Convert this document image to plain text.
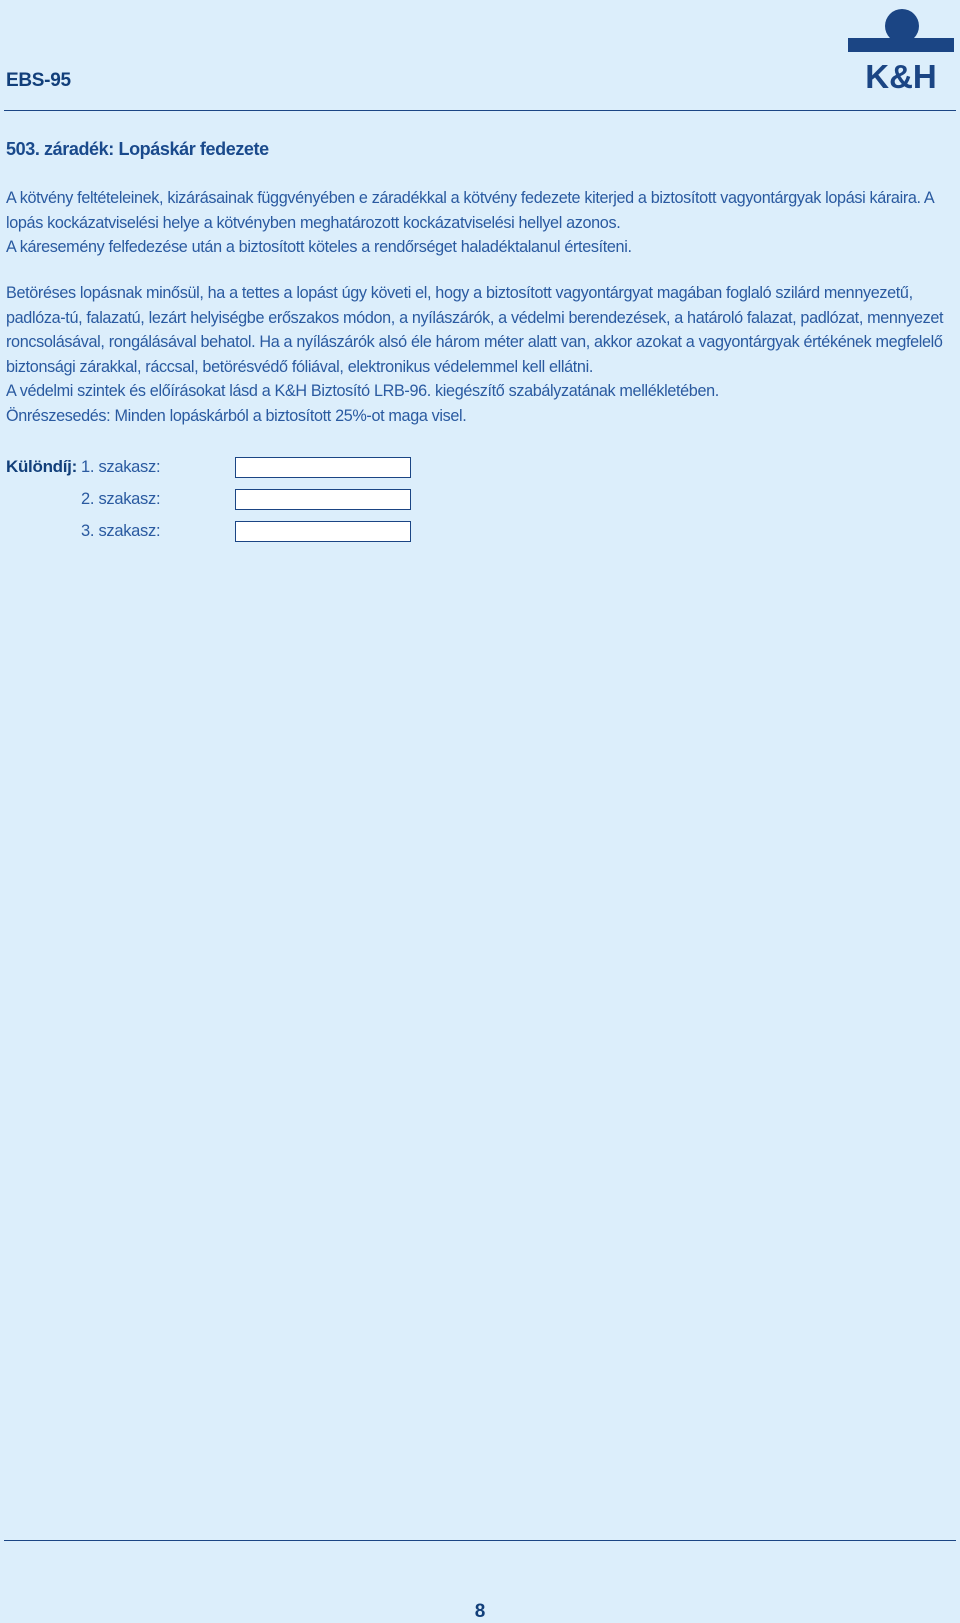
EBS-95	K&H
503. záradék: Lopáskár fedezete

A kötvény feltételeinek, kizárásainak függvényében e záradékkal a kötvény fedezete kiterjed a biztosított vagyontárgyak lopási káraira. A lopás kockázatviselési helye a kötvényben meghatározott kockázatviselési hellyel azonos.

A káresemény felfedezése után a biztosított köteles a rendőrséget haladéktalanul értesíteni.

Betöréses lopásnak minősül, ha a tettes a lopást úgy követi el, hogy a biztosított vagyontárgyat magában foglaló szilárd mennyezetű, padlóza-tú, falazatú, lezárt helyiségbe erőszakos módon, a nyílászárók, a védelmi berendezések, a határoló falazat, padlózat, mennyezet roncsolásával, rongálásával behatol. Ha a nyílászárók alsó éle három méter alatt van, akkor azokat a vagyontárgyak értékének megfelelő biztonsági zárakkal, ráccsal, betörésvédő fóliával, elektronikus védelemmel kell ellátni.

A védelmi szintek és előírásokat lásd a K&H Biztosító LRB-96. kiegészítő szabályzatának mellékletében.

Önrészesedés: Minden lopáskárból a biztosított 25%-ot maga visel.

Különdíj: 1. szakasz:
2. szakasz:
3. szakasz:
8
